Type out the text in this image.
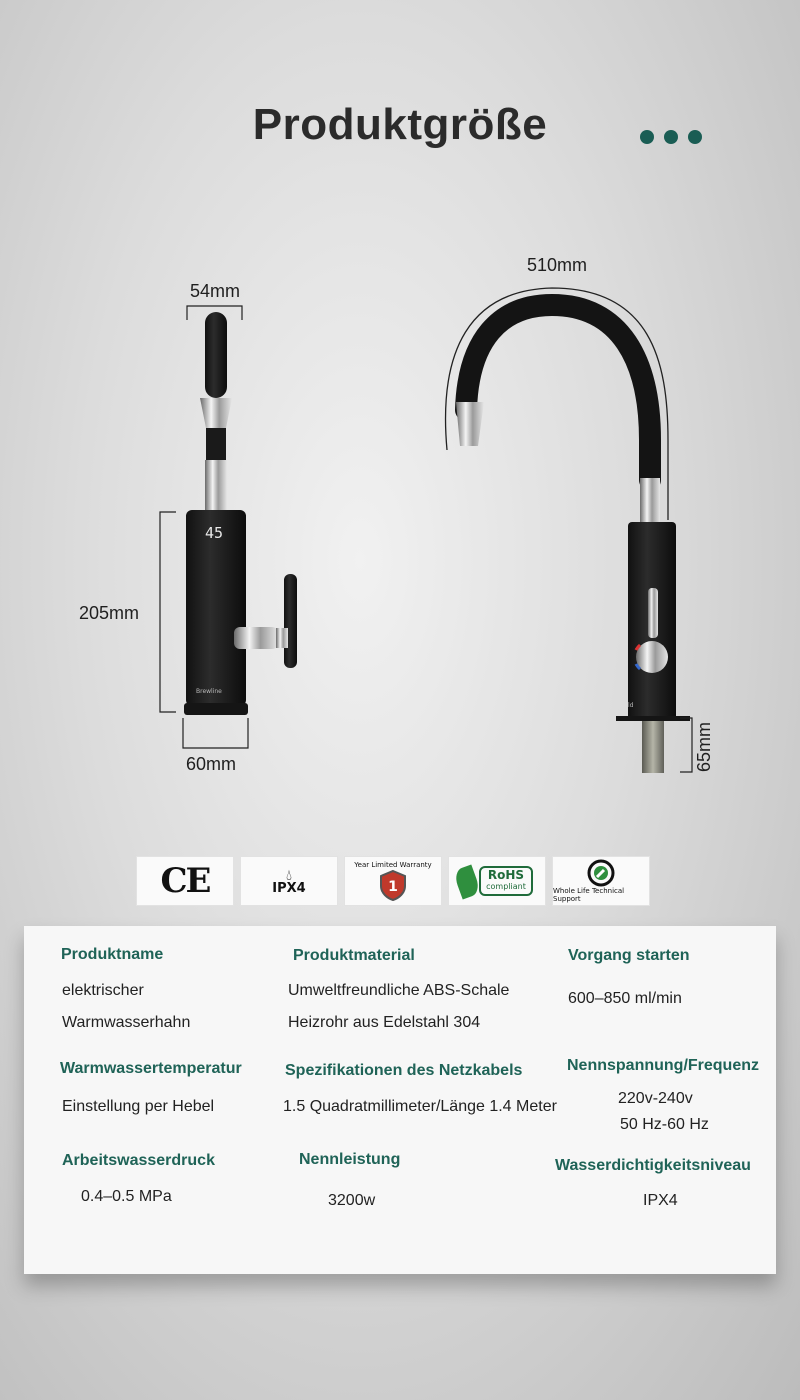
Produktgröße
45
Brewline
ld
54mm
205mm
60mm
510mm
65mm
CE	💧︎
IPX4
Year Limited Warranty
1
RoHS
compliant	Whole Life Technical Support
Produktname
elektrischer
Warmwasserhahn
Produktmaterial
Umweltfreundliche ABS-Schale
Heizrohr aus Edelstahl 304
Vorgang starten
600–850 ml/min
Warmwassertemperatur
Einstellung per Hebel
Spezifikationen des Netzkabels
1.5 Quadratmillimeter/Länge 1.4 Meter
Nennspannung/Frequenz
220v-240v
50 Hz-60 Hz
Arbeitswasserdruck
0.4–0.5 MPa
Nennleistung
3200w
Wasserdichtigkeitsniveau
IPX4
